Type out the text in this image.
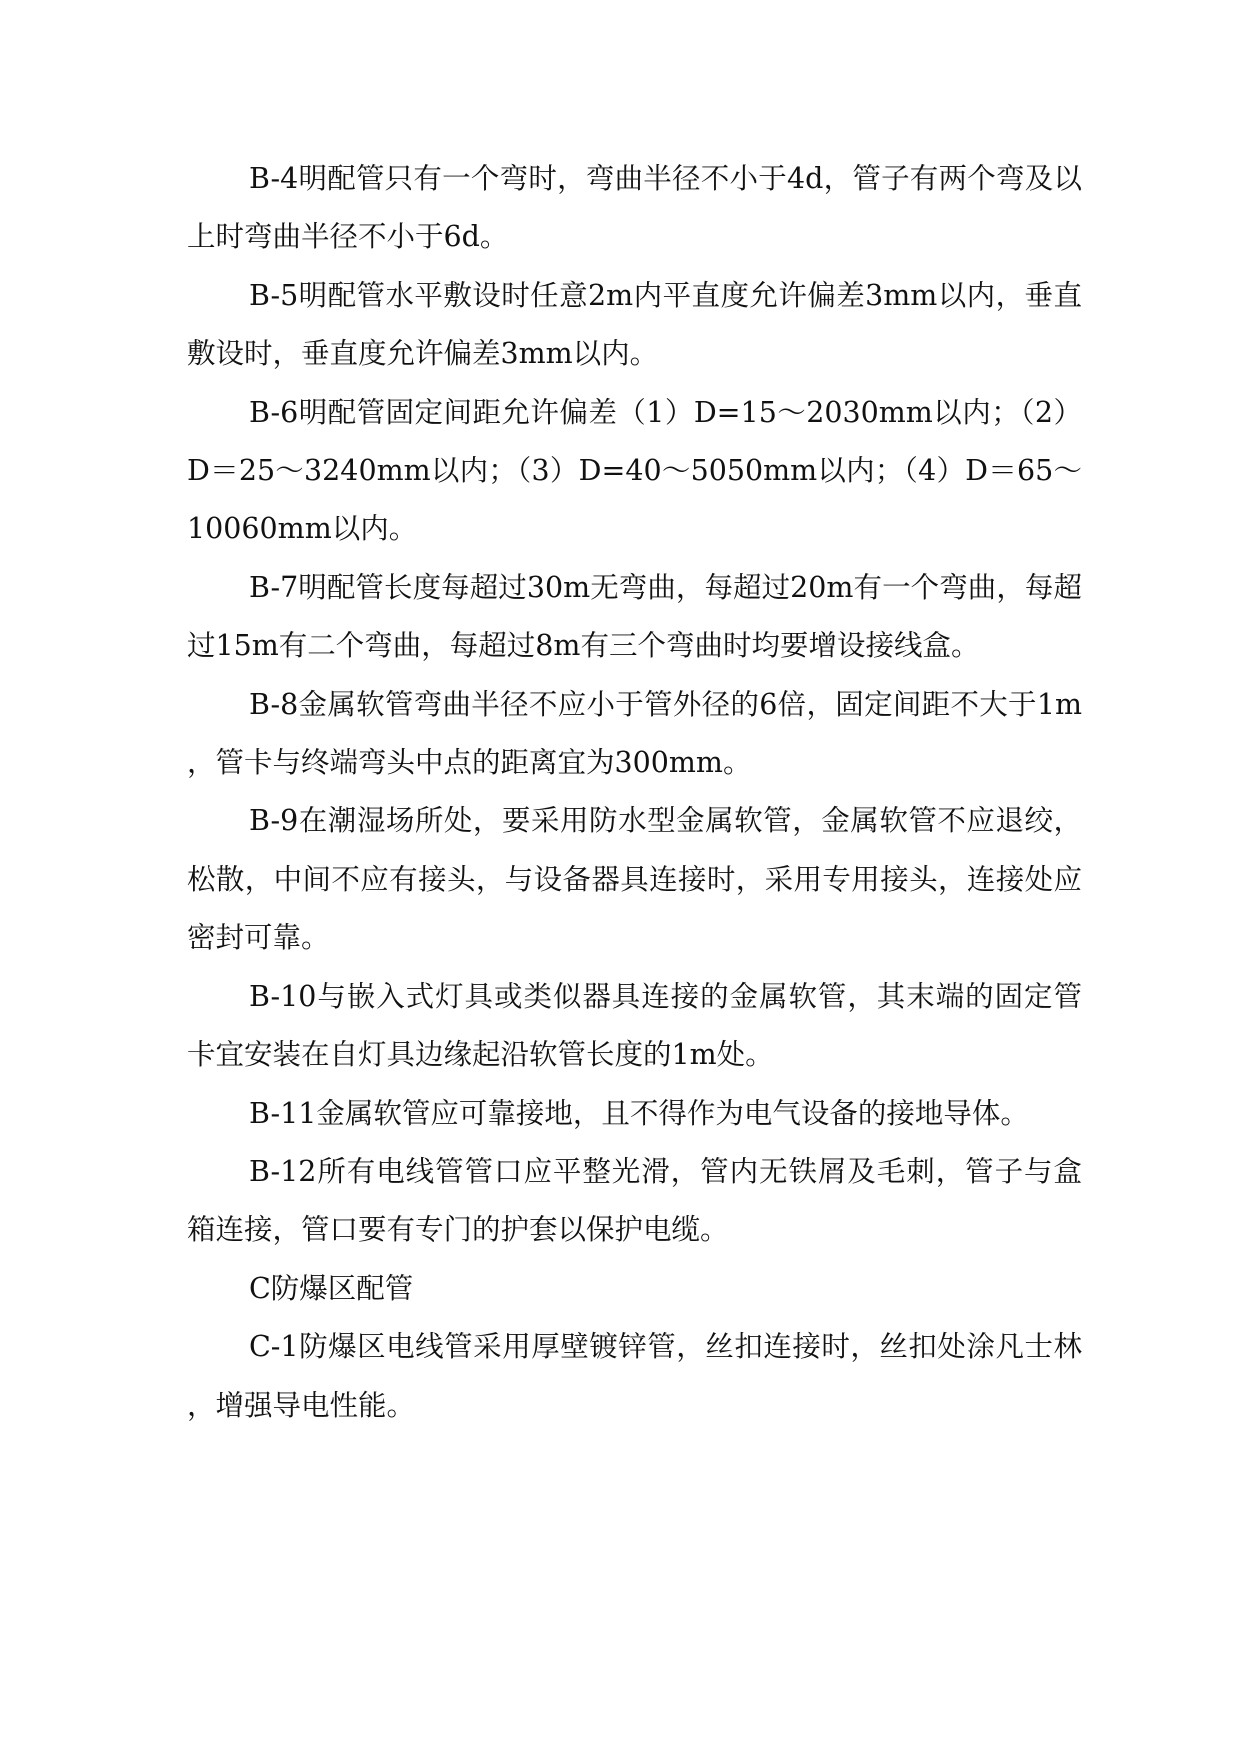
B-4明配管只有一个弯时，弯曲半径不小于4d，管子有两个弯及以上时弯曲半径不小于6d。

B-5明配管水平敷设时任意2m内平直度允许偏差3mm以内，垂直敷设时，垂直度允许偏差3mm以内。

B-6明配管固定间距允许偏差（1）D=15～2030mm以内；（2）D＝25～3240mm以内；（3）D=40～5050mm以内；（4）D＝65～10060mm以内。

B-7明配管长度每超过30m无弯曲，每超过20m有一个弯曲，每超过15m有二个弯曲，每超过8m有三个弯曲时均要增设接线盒。

B-8金属软管弯曲半径不应小于管外径的6倍，固定间距不大于1m，管卡与终端弯头中点的距离宜为300mm。

B-9在潮湿场所处，要采用防水型金属软管，金属软管不应退绞，松散，中间不应有接头，与设备器具连接时，采用专用接头，连接处应密封可靠。

B-10与嵌入式灯具或类似器具连接的金属软管，其末端的固定管卡宜安装在自灯具边缘起沿软管长度的1m处。

B-11金属软管应可靠接地，且不得作为电气设备的接地导体。

B-12所有电线管管口应平整光滑，管内无铁屑及毛刺，管子与盒箱连接，管口要有专门的护套以保护电缆。

C防爆区配管

C-1防爆区电线管采用厚壁镀锌管，丝扣连接时，丝扣处涂凡士林，增强导电性能。
